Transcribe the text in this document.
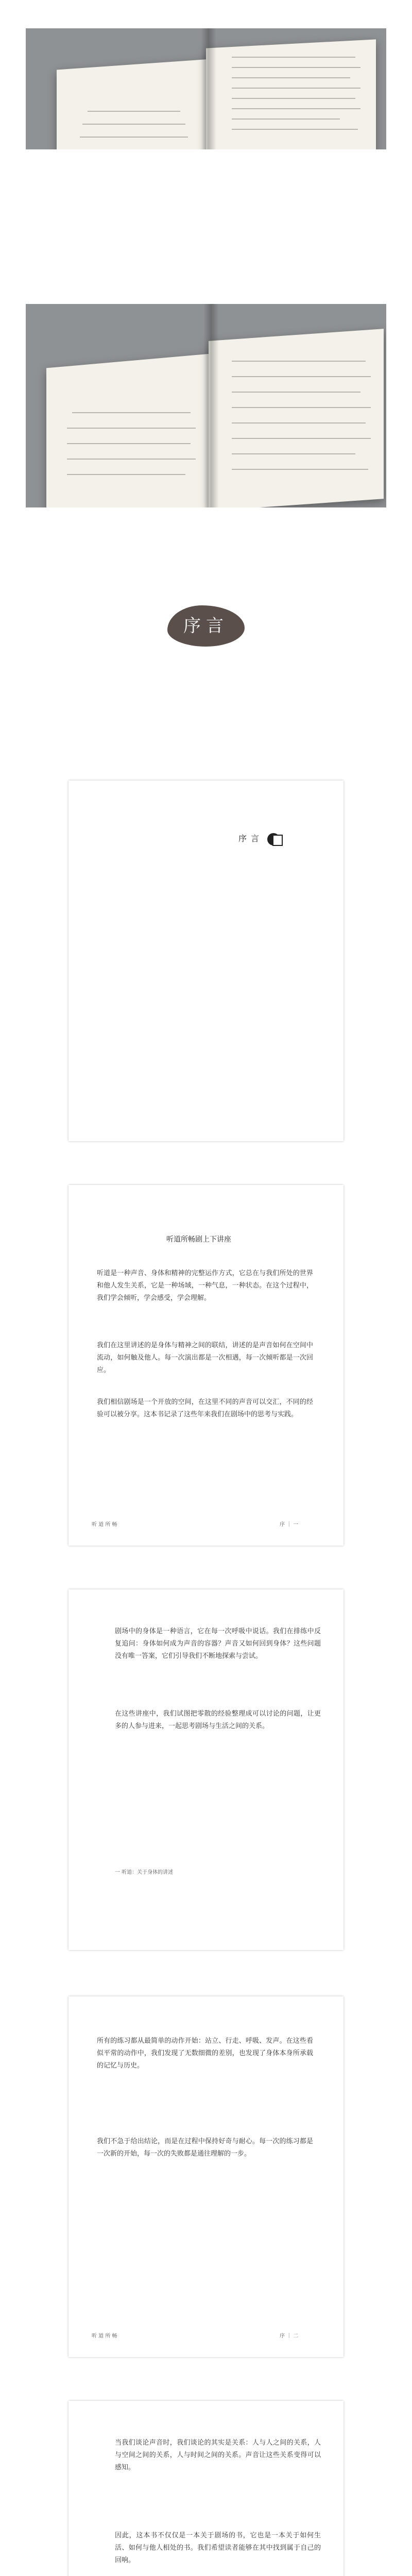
序言
序言
听道所畅剧上下讲座
听道是一种声音、身体和精神的完整运作方式，它总在与我们所处的世界和他人发生关系，它是一种场域，一种气息，一种状态。在这个过程中，我们学会倾听，学会感受，学会理解。
我们在这里讲述的是身体与精神之间的联结，讲述的是声音如何在空间中流动，如何触及他人。每一次演出都是一次相遇，每一次倾听都是一次回应。
我们相信剧场是一个开放的空间，在这里不同的声音可以交汇，不同的经验可以被分享。这本书记录了这些年来我们在剧场中的思考与实践。
听 道 所 畅	序 ｜ 一
剧场中的身体是一种语言，它在每一次呼吸中说话。我们在排练中反复追问：身体如何成为声音的容器？声音又如何回到身体？这些问题没有唯一答案，它们引导我们不断地探索与尝试。
在这些讲座中，我们试图把零散的经验整理成可以讨论的问题，让更多的人参与进来，一起思考剧场与生活之间的关系。
一 听道：关于身体的讲述
所有的练习都从最简单的动作开始：站立、行走、呼吸、发声。在这些看似平常的动作中，我们发现了无数细微的差别，也发现了身体本身所承载的记忆与历史。
我们不急于给出结论，而是在过程中保持好奇与耐心。每一次的练习都是一次新的开始，每一次的失败都是通往理解的一步。
听 道 所 畅	序 ｜ 二
当我们谈论声音时，我们谈论的其实是关系：人与人之间的关系，人与空间之间的关系，人与时间之间的关系。声音让这些关系变得可以感知。
因此，这本书不仅仅是一本关于剧场的书，它也是一本关于如何生活、如何与他人相处的书。我们希望读者能够在其中找到属于自己的回响。
